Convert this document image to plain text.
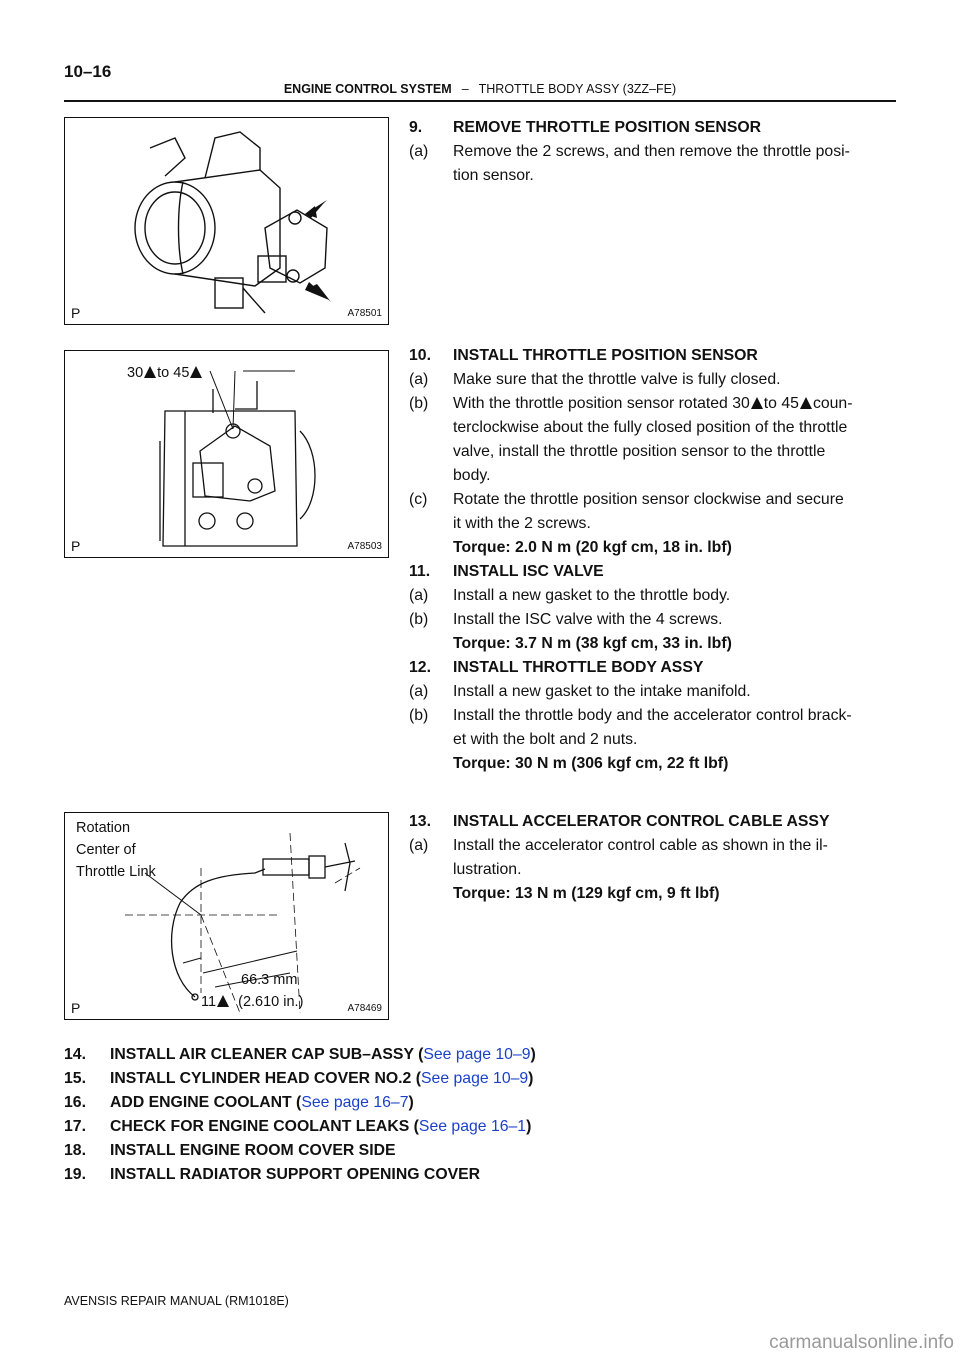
10–16
ENGINE CONTROL SYSTEM – THROTTLE BODY ASSY (3ZZ–FE)
P	A78501
30 to 45
P	A78503
Rotation
Center of
Throttle Link
66.3 mm
11 (2.610 in.)
P	A78469
9. REMOVE THROTTLE POSITION SENSOR
(a) Remove the 2 screws, and then remove the throttle posi-
tion sensor.
10. INSTALL THROTTLE POSITION SENSOR
(a) Make sure that the throttle valve is fully closed.
(b) With the throttle position sensor rotated 30 to 45 coun-
terclockwise about the fully closed position of the throttle
valve, install the throttle position sensor to the throttle
body.
(c) Rotate the throttle position sensor clockwise and secure
it with the 2 screws.
Torque: 2.0 N m (20 kgf cm, 18 in. lbf)
11. INSTALL ISC VALVE
(a) Install a new gasket to the throttle body.
(b) Install the ISC valve with the 4 screws.
Torque: 3.7 N m (38 kgf cm, 33 in. lbf)
12. INSTALL THROTTLE BODY ASSY
(a) Install a new gasket to the intake manifold.
(b) Install the throttle body and the accelerator control brack-
et with the bolt and 2 nuts.
Torque: 30 N m (306 kgf cm, 22 ft lbf)
13. INSTALL ACCELERATOR CONTROL CABLE ASSY
(a) Install the accelerator control cable as shown in the il-
lustration.
Torque: 13 N m (129 kgf cm, 9 ft lbf)
14. INSTALL AIR CLEANER CAP SUB–ASSY (See page 10–9)
15. INSTALL CYLINDER HEAD COVER NO.2 (See page 10–9)
16. ADD ENGINE COOLANT (See page 16–7)
17. CHECK FOR ENGINE COOLANT LEAKS (See page 16–1)
18. INSTALL ENGINE ROOM COVER SIDE
19. INSTALL RADIATOR SUPPORT OPENING COVER
AVENSIS REPAIR MANUAL (RM1018E)
carmanualsonline.info
